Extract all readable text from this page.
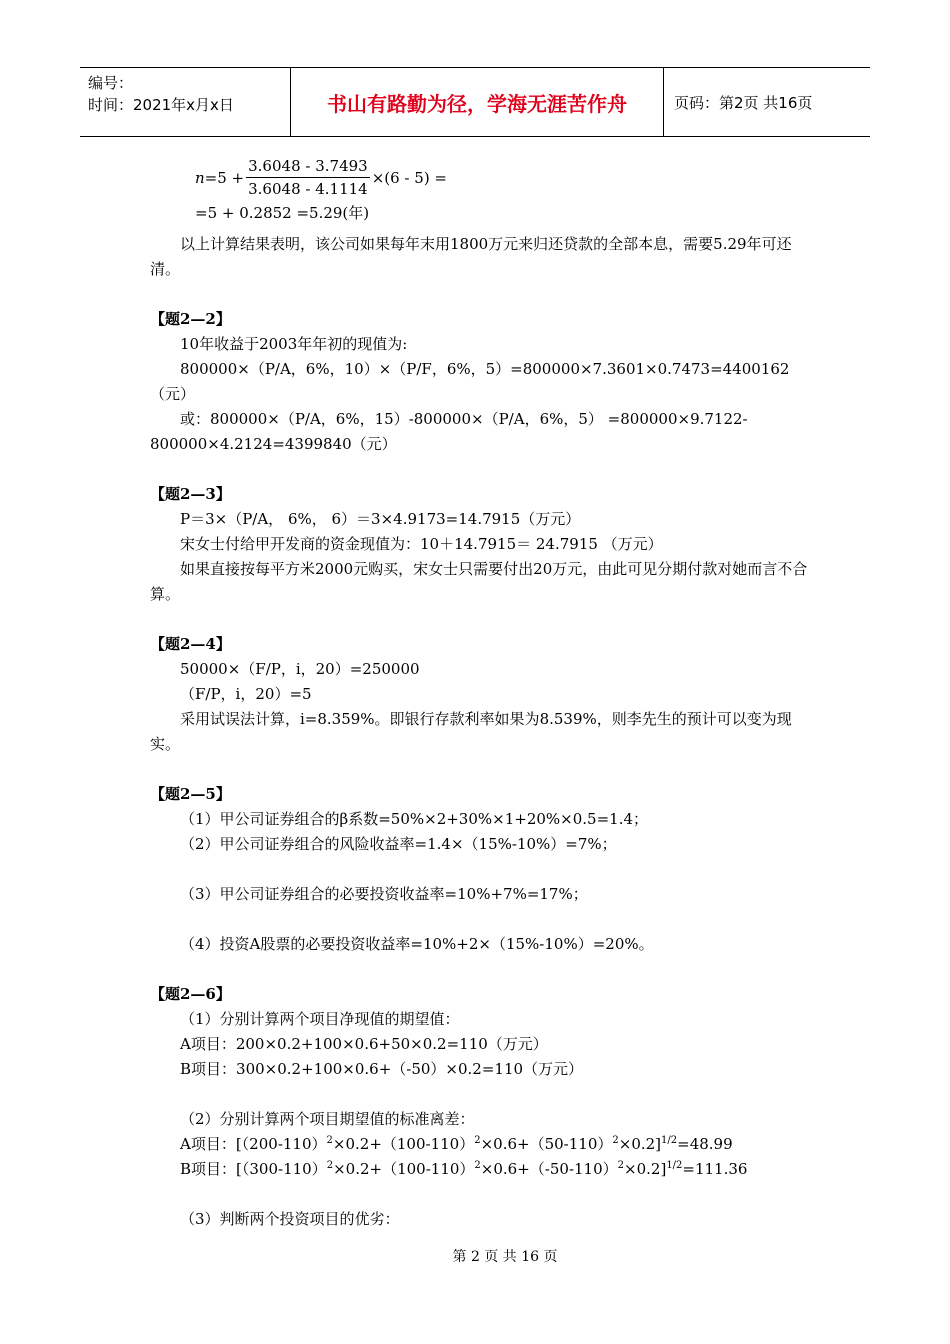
编号：
时间：2021年x月x日	书山有路勤为径，学海无涯苦作舟	页码：第2页 共16页
$n =5 + \frac{3.6048 - 3.7493}{3.6048 - 4.1114} \times(6 - 5)$ =
=5 + 0.2852 =5.29(年)

以上计算结果表明，该公司如果每年末用1800万元来归还贷款的全部本息，需要5.29年可还清。

【题2—2】

10年收益于2003年年初的现值为:

800000×（P/A，6%，10）×（P/F，6%，5）=800000×7.3601×0.7473=4400162（元）

或：800000×（P/A，6%，15）-800000×（P/A，6%，5） =800000×9.7122-800000×4.2124=4399840（元）

【题2—3】

P＝3×（P/A， 6%， 6）＝3×4.9173=14.7915（万元）

宋女士付给甲开发商的资金现值为：10＋14.7915＝ 24.7915 （万元）

如果直接按每平方米2000元购买，宋女士只需要付出20万元，由此可见分期付款对她而言不合算。

【题2—4】

50000×（F/P，i，20）=250000

（F/P，i，20）=5

采用试误法计算，i=8.359%。即银行存款利率如果为8.539%，则李先生的预计可以变为现实。

【题2—5】

（1）甲公司证券组合的β系数=50%×2+30%×1+20%×0.5=1.4；

（2）甲公司证券组合的风险收益率=1.4×（15%-10%）=7%；

（3）甲公司证券组合的必要投资收益率=10%+7%=17%；

（4）投资A股票的必要投资收益率=10%+2×（15%-10%）=20%。

【题2—6】

（1）分别计算两个项目净现值的期望值：

A项目：200×0.2+100×0.6+50×0.2=110（万元）

B项目：300×0.2+100×0.6+（-50）×0.2=110（万元）

（2）分别计算两个项目期望值的标准离差：

A项目：$[(200-110)^2\times 0.2+(100-110)^2\times 0.6+(50-110)^2\times 0.2]^{1/2}=48.99$

B项目：$[(300-110)^2\times 0.2+(100-110)^2\times 0.6+(-50-110)^2\times 0.2]^{1/2}=111.36$

（3）判断两个投资项目的优劣：

第 2 页 共 16 页
